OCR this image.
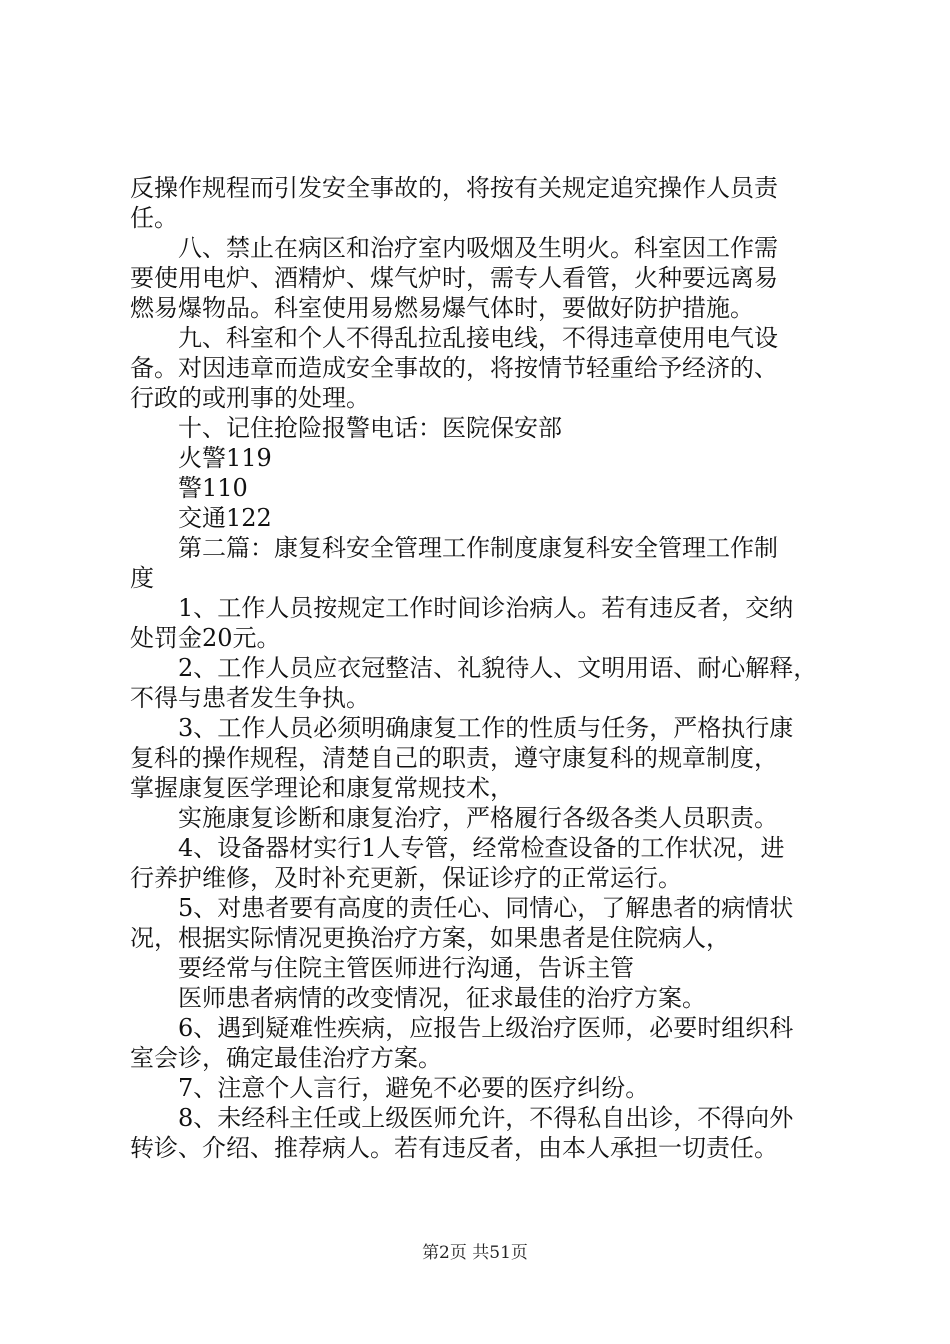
反操作规程而引发安全事故的，将按有关规定追究操作人员责
任。
八、禁止在病区和治疗室内吸烟及生明火。科室因工作需
要使用电炉、酒精炉、煤气炉时，需专人看管，火种要远离易
燃易爆物品。科室使用易燃易爆气体时，要做好防护措施。
九、科室和个人不得乱拉乱接电线，不得违章使用电气设
备。对因违章而造成安全事故的，将按情节轻重给予经济的、
行政的或刑事的处理。
十、记住抢险报警电话：医院保安部
火警119
警110
交通122
第二篇：康复科安全管理工作制度康复科安全管理工作制
度
1、工作人员按规定工作时间诊治病人。若有违反者，交纳
处罚金20元。
2、工作人员应衣冠整洁、礼貌待人、文明用语、耐心解释，
不得与患者发生争执。
3、工作人员必须明确康复工作的性质与任务，严格执行康
复科的操作规程，清楚自己的职责，遵守康复科的规章制度，
掌握康复医学理论和康复常规技术，
实施康复诊断和康复治疗，严格履行各级各类人员职责。
4、设备器材实行1人专管，经常检查设备的工作状况，进
行养护维修，及时补充更新，保证诊疗的正常运行。
5、对患者要有高度的责任心、同情心，了解患者的病情状
况，根据实际情况更换治疗方案，如果患者是住院病人，
要经常与住院主管医师进行沟通，告诉主管
医师患者病情的改变情况，征求最佳的治疗方案。
6、遇到疑难性疾病，应报告上级治疗医师，必要时组织科
室会诊，确定最佳治疗方案。
7、注意个人言行，避免不必要的医疗纠纷。
8、未经科主任或上级医师允许，不得私自出诊，不得向外
转诊、介绍、推荐病人。若有违反者，由本人承担一切责任。
第2页 共51页
